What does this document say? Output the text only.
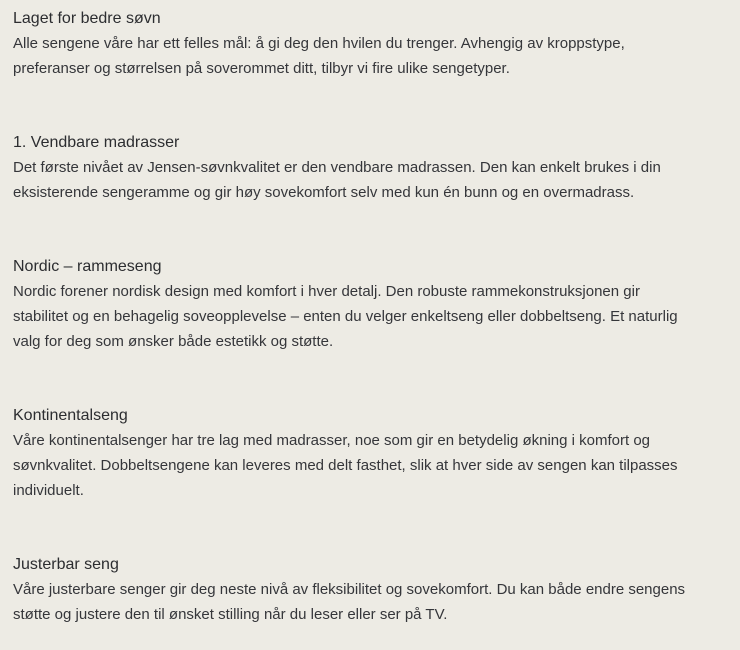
Laget for bedre søvn

Alle sengene våre har ett felles mål: å gi deg den hvilen du trenger. Avhengig av kroppstype,
preferanser og størrelsen på soverommet ditt, tilbyr vi fire ulike sengetyper.

1. Vendbare madrasser

Det første nivået av Jensen-søvnkvalitet er den vendbare madrassen. Den kan enkelt brukes i din
eksisterende sengeramme og gir høy sovekomfort selv med kun én bunn og en overmadrass.

Nordic – rammeseng

Nordic forener nordisk design med komfort i hver detalj. Den robuste rammekonstruksjonen gir
stabilitet og en behagelig soveopplevelse – enten du velger enkeltseng eller dobbeltseng. Et naturlig
valg for deg som ønsker både estetikk og støtte.

Kontinentalseng

Våre kontinentalsenger har tre lag med madrasser, noe som gir en betydelig økning i komfort og
søvnkvalitet. Dobbeltsengene kan leveres med delt fasthet, slik at hver side av sengen kan tilpasses
individuelt.

Justerbar seng

Våre justerbare senger gir deg neste nivå av fleksibilitet og sovekomfort. Du kan både endre sengens
støtte og justere den til ønsket stilling når du leser eller ser på TV.
